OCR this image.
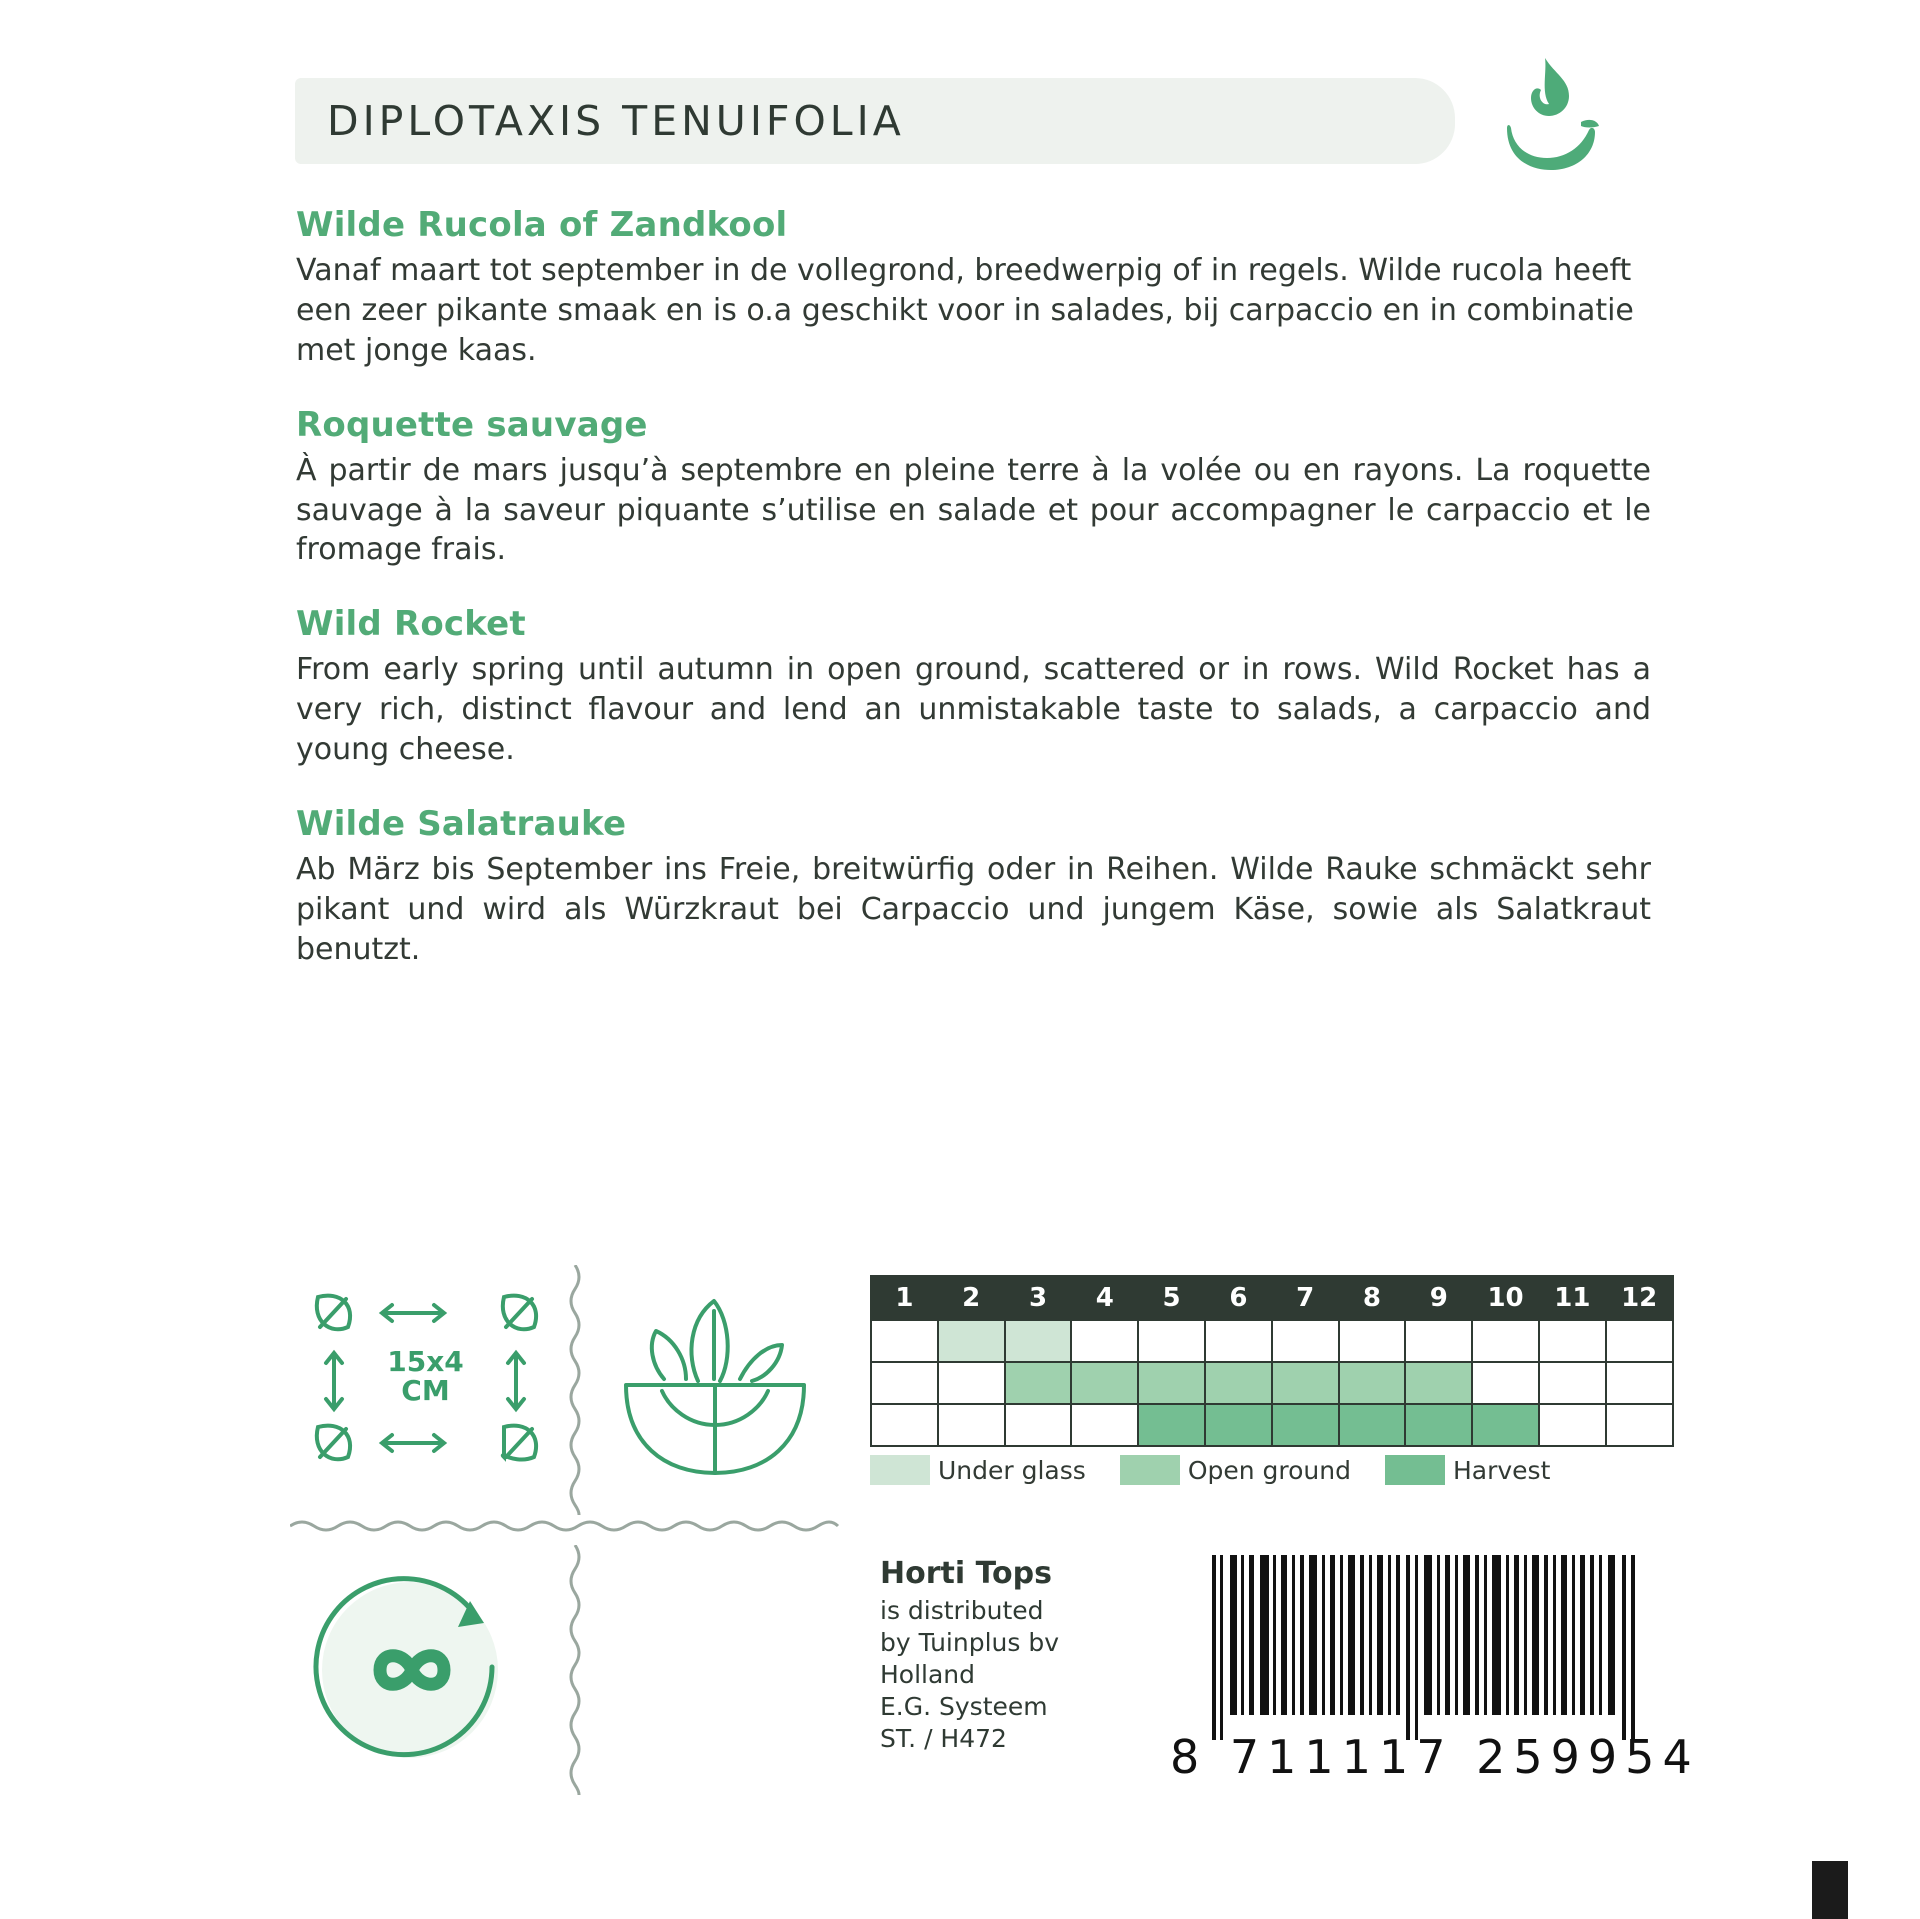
DIPLOTAXIS TENUIFOLIA
Wilde Rucola of Zandkool

Vanaf maart tot september in de vollegrond, breedwerpig of in regels. Wilde rucola heeft een zeer pikante smaak en is o.a geschikt voor in salades, bij carpaccio en in combinatie met jonge kaas.

Roquette sauvage

À partir de mars jusqu’à septembre en pleine terre à la volée ou en rayons. La roquette sauvage à la saveur piquante s’utilise en salade et pour accompagner le carpaccio et le fromage frais.

Wild Rocket

From early spring until autumn in open ground, scattered or in rows. Wild Rocket has a very rich, distinct flavour and lend an unmistakable taste to salads, a carpaccio and young cheese.

Wilde Salatrauke

Ab März bis September ins Freie, breitwürfig oder in Reihen. Wilde Rauke schmäckt sehr pikant und wird als Würzkraut bei Carpaccio und jungem Käse, sowie als Salatkraut benutzt.

15x4
CM
1	2	3	4	5	6	7	8	9	10	11	12

Under glass	Open ground	Harvest
Horti Tops
is distributed
by Tuinplus bv
Holland
E.G. Systeem
ST. / H472	8 711117 259954
